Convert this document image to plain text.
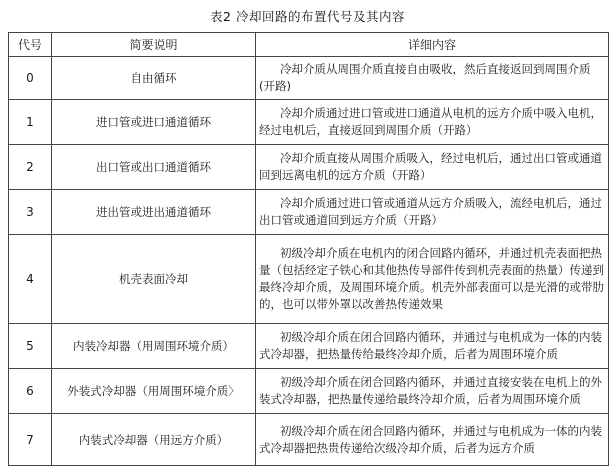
表2 冷却回路的布置代号及其内容
代号	简要说明	详细内容
0	自由循环	冷却介质从周围介质直接自由吸收，然后直接返回到周围介质(开路)

1	进口管或进口通道循环	冷却介质通过进口管或进口通道从电机的远方介质中吸入电机，经过电机后，直接返回到周围介质（开路）

2	出口管或出口通道循环	冷却介质直接从周围介质吸入，经过电机后，通过出口管或通道回到远离电机的远方介质（开路）

3	进出管或进出通道循环	冷却介质通过进口管或通道从远方介质吸入，流经电机后，通过出口管或通道回到远方介质（开路）

4	机壳表面冷却	初级冷却介质在电机内的闭合回路内循环，并通过机壳表面把热量（包括经定子铁心和其他热传导部件传到机壳表面的热量）传递到最终冷却介质，及周围环境介质。机壳外部表面可以是光滑的或带肋的，也可以带外罩以改善热传递效果

5	内装冷却器（用周围环境介质）	初级冷却介质在闭合回路内循环，并通过与电机成为一体的内装式冷却器，把热量传给最终冷却介质，后者为周围环境介质

6	外装式冷却器（用周围环境介质〉	初级冷却介质在闭合回路内循环，并通过直接安装在电机上的外装式冷却器，把热量传递给最终冷却介质，后者为周围环境介质

7	内装式冷却器（用远方介质）	初级冷却介质在闭合回路内循环，并通过与电机成为一体的内装式冷却器把热贵传递给次级冷却介质，后者为远方介质
